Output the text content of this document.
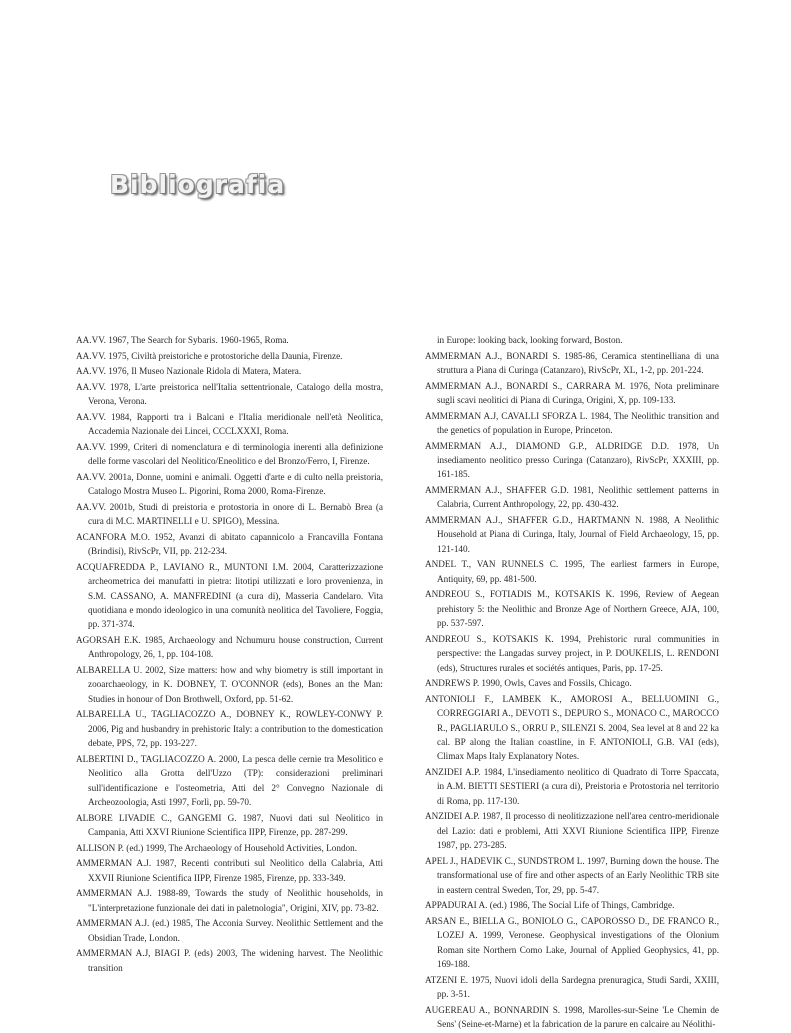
Bibliografia

AA.VV. 1967, The Search for Sybaris. 1960-1965, Roma.

AA.VV. 1975, Civiltà preistoriche e protostoriche della Daunia, Firenze.

AA.VV. 1976, Il Museo Nazionale Ridola di Matera, Matera.

AA.VV. 1978, L'arte preistorica nell'Italia settentrionale, Catalogo della mostra, Verona, Verona.

AA.VV. 1984, Rapporti tra i Balcani e l'Italia meridionale nell'età Neolitica, Accademia Nazionale dei Lincei, CCCLXXXI, Roma.

AA.VV. 1999, Criteri di nomenclatura e di terminologia inerenti alla definizione delle forme vascolari del Neolitico/Eneolitico e del Bronzo/Ferro, I, Firenze.

AA.VV. 2001a, Donne, uomini e animali. Oggetti d'arte e di culto nella preistoria, Catalogo Mostra Museo L. Pigorini, Roma 2000, Roma-Firenze.

AA.VV. 2001b, Studi di preistoria e protostoria in onore di L. Bernabò Brea (a cura di M.C. MARTINELLI e U. SPIGO), Messina.

ACANFORA M.O. 1952, Avanzi di abitato capannicolo a Francavilla Fontana (Brindisi), RivScPr, VII, pp. 212-234.

ACQUAFREDDA P., LAVIANO R., MUNTONI I.M. 2004, Caratterizzazione archeometrica dei manufatti in pietra: litotipi utilizzati e loro provenienza, in S.M. CASSANO, A. MANFREDINI (a cura di), Masseria Candelaro. Vita quotidiana e mondo ideologico in una comunità neolitica del Tavoliere, Foggia, pp. 371-374.

AGORSAH E.K. 1985, Archaeology and Nchumuru house construction, Current Anthropology, 26, 1, pp. 104-108.

ALBARELLA U. 2002, Size matters: how and why biometry is still important in zooarchaeology, in K. DOBNEY, T. O'CONNOR (eds), Bones an the Man: Studies in honour of Don Brothwell, Oxford, pp. 51-62.

ALBARELLA U., TAGLIACOZZO A., DOBNEY K., ROWLEY-CONWY P. 2006, Pig and husbandry in prehistoric Italy: a contribution to the domestication debate, PPS, 72, pp. 193-227.

ALBERTINI D., TAGLIACOZZO A. 2000, La pesca delle cernie tra Mesolitico e Neolitico alla Grotta dell'Uzzo (TP): considerazioni preliminari sull'identificazione e l'osteometria, Atti del 2° Convegno Nazionale di Archeozoologia, Asti 1997, Forlì, pp. 59-70.

ALBORE LIVADIE C., GANGEMI G. 1987, Nuovi dati sul Neolitico in Campania, Atti XXVI Riunione Scientifica IIPP, Firenze, pp. 287-299.

ALLISON P. (ed.) 1999, The Archaeology of Household Activities, London.

AMMERMAN A.J. 1987, Recenti contributi sul Neolitico della Calabria, Atti XXVII Riunione Scientifica IIPP, Firenze 1985, Firenze, pp. 333-349.

AMMERMAN A.J. 1988-89, Towards the study of Neolithic households, in "L'interpretazione funzionale dei dati in paletnologia", Origini, XIV, pp. 73-82.

AMMERMAN A.J. (ed.) 1985, The Acconia Survey. Neolithic Settlement and the Obsidian Trade, London.

AMMERMAN A.J, BIAGI P. (eds) 2003, The widening harvest. The Neolithic transition

in Europe: looking back, looking forward, Boston.

AMMERMAN A.J., BONARDI S. 1985-86, Ceramica stentinelliana di una struttura a Piana di Curinga (Catanzaro), RivScPr, XL, 1-2, pp. 201-224.

AMMERMAN A.J., BONARDI S., CARRARA M. 1976, Nota preliminare sugli scavi neolitici di Piana di Curinga, Origini, X, pp. 109-133.

AMMERMAN A.J, CAVALLI SFORZA L. 1984, The Neolithic transition and the genetics of population in Europe, Princeton.

AMMERMAN A.J., DIAMOND G.P., ALDRIDGE D.D. 1978, Un insediamento neolitico presso Curinga (Catanzaro), RivScPr, XXXIII, pp. 161-185.

AMMERMAN A.J., SHAFFER G.D. 1981, Neolithic settlement patterns in Calabria, Current Anthropology, 22, pp. 430-432.

AMMERMAN A.J., SHAFFER G.D., HARTMANN N. 1988, A Neolithic Household at Piana di Curinga, Italy, Journal of Field Archaeology, 15, pp. 121-140.

ANDEL T., VAN RUNNELS C. 1995, The earliest farmers in Europe, Antiquity, 69, pp. 481-500.

ANDREOU S., FOTIADIS M., KOTSAKIS K. 1996, Review of Aegean prehistory 5: the Neolithic and Bronze Age of Northern Greece, AJA, 100, pp. 537-597.

ANDREOU S., KOTSAKIS K. 1994, Prehistoric rural communities in perspective: the Langadas survey project, in P. DOUKELIS, L. RENDONI (eds), Structures rurales et sociétés antiques, Paris, pp. 17-25.

ANDREWS P. 1990, Owls, Caves and Fossils, Chicago.

ANTONIOLI F., LAMBEK K., AMOROSI A., BELLUOMINI G., CORREGGIARI A., DEVOTI S., DEPURO S., MONACO C., MAROCCO R., PAGLIARULO S., ORRU P., SILENZI S. 2004, Sea level at 8 and 22 ka cal. BP along the Italian coastline, in F. ANTONIOLI, G.B. VAI (eds), Climax Maps Italy Explanatory Notes.

ANZIDEI A.P. 1984, L'insediamento neolitico di Quadrato di Torre Spaccata, in A.M. BIETTI SESTIERI (a cura di), Preistoria e Protostoria nel territorio di Roma, pp. 117-130.

ANZIDEI A.P. 1987, Il processo di neolitizzazione nell'area centro-meridionale del Lazio: dati e problemi, Atti XXVI Riunione Scientifica IIPP, Firenze 1987, pp. 273-285.

APEL J., HADEVIK C., SUNDSTROM L. 1997, Burning down the house. The transformational use of fire and other aspects of an Early Neolithic TRB site in eastern central Sweden, Tor, 29, pp. 5-47.

APPADURAI A. (ed.) 1986, The Social Life of Things, Cambridge.

ARSAN E., BIELLA G., BONIOLO G., CAPOROSSO D., DE FRANCO R., LOZEJ A. 1999, Veronese. Geophysical investigations of the Olonium Roman site Northern Como Lake, Journal of Applied Geophysics, 41, pp. 169-188.

ATZENI E. 1975, Nuovi idoli della Sardegna prenuragica, Studi Sardi, XXIII, pp. 3-51.

AUGEREAU A., BONNARDIN S. 1998, Marolles-sur-Seine 'Le Chemin de Sens' (Seine-et-Marne) et la fabrication de la parure en calcaire au Néolithi-
